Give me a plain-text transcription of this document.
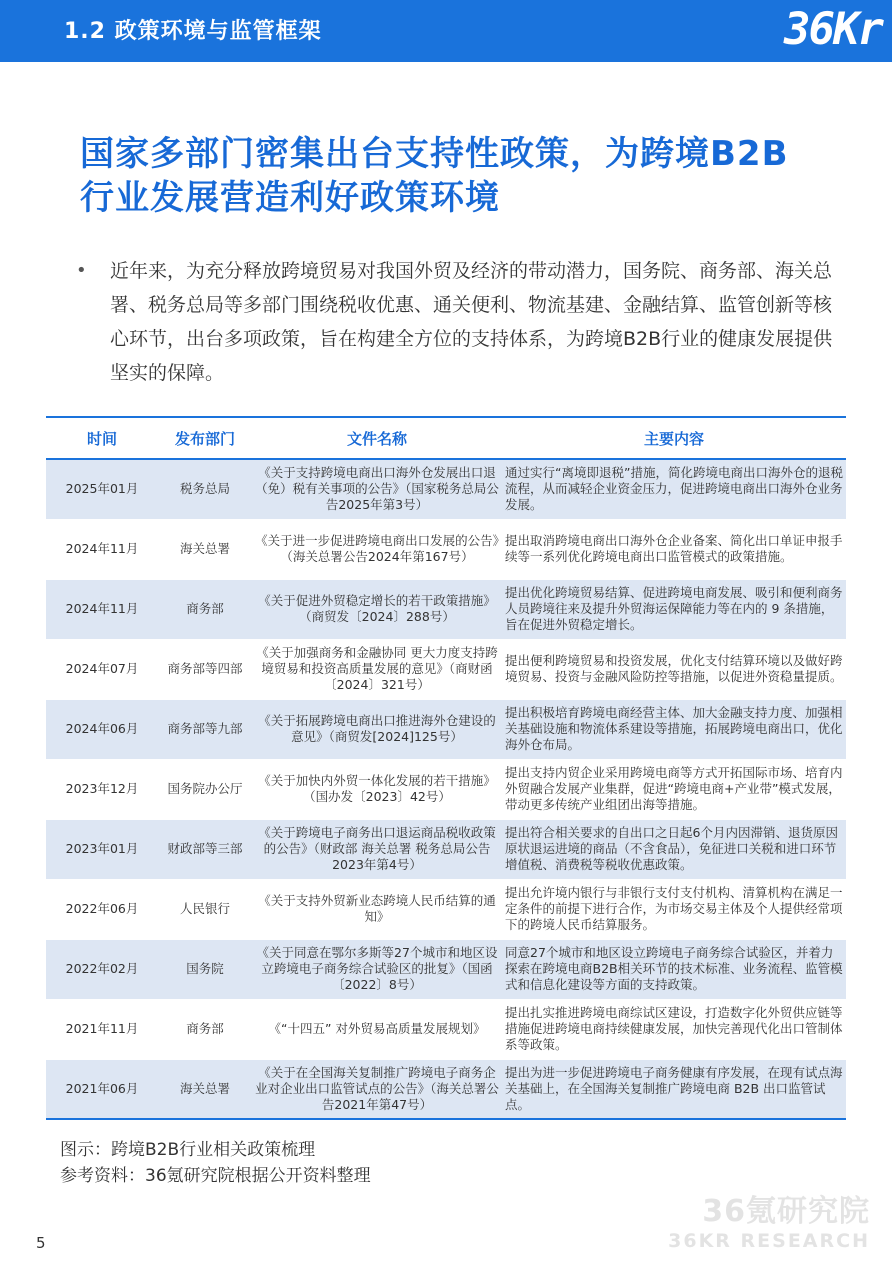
1.2 政策环境与监管框架	36Kr
国家多部门密集出台支持性政策，为跨境B2B
行业发展营造利好政策环境
• 近年来，为充分释放跨境贸易对我国外贸及经济的带动潜力，国务院、商务部、海关总署、税务总局等多部门围绕税收优惠、通关便利、物流基建、金融结算、监管创新等核心环节，出台多项政策，旨在构建全方位的支持体系，为跨境B2B行业的健康发展提供坚实的保障。
时间	发布部门	文件名称	主要内容
2025年01月	税务总局	《关于支持跨境电商出口海外仓发展出口退（免）税有关事项的公告》（国家税务总局公告2025年第3号）	通过实行“离境即退税”措施，简化跨境电商出口海外仓的退税流程，从而减轻企业资金压力，促进跨境电商出口海外仓业务发展。
2024年11月	海关总署	《关于进一步促进跨境电商出口发展的公告》（海关总署公告2024年第167号）	提出取消跨境电商出口海外仓企业备案、简化出口单证申报手续等一系列优化跨境电商出口监管模式的政策措施。
2024年11月	商务部	《关于促进外贸稳定增长的若干政策措施》（商贸发〔2024〕288号）	提出优化跨境贸易结算、促进跨境电商发展、吸引和便利商务人员跨境往来及提升外贸海运保障能力等在内的 9 条措施，旨在促进外贸稳定增长。
2024年07月	商务部等四部	《关于加强商务和金融协同 更大力度支持跨境贸易和投资高质量发展的意见》（商财函〔2024〕321号）	提出便利跨境贸易和投资发展，优化支付结算环境以及做好跨境贸易、投资与金融风险防控等措施，以促进外资稳量提质。
2024年06月	商务部等九部	《关于拓展跨境电商出口推进海外仓建设的意见》（商贸发[2024]125号）	提出积极培育跨境电商经营主体、加大金融支持力度、加强相关基础设施和物流体系建设等措施，拓展跨境电商出口，优化海外仓布局。
2023年12月	国务院办公厅	《关于加快内外贸一体化发展的若干措施》（国办发〔2023〕42号）	提出支持内贸企业采用跨境电商等方式开拓国际市场、培育内外贸融合发展产业集群，促进“跨境电商+产业带”模式发展，带动更多传统产业组团出海等措施。
2023年01月	财政部等三部	《关于跨境电子商务出口退运商品税收政策的公告》（财政部 海关总署 税务总局公告2023年第4号）	提出符合相关要求的自出口之日起6个月内因滞销、退货原因原状退运进境的商品（不含食品），免征进口关税和进口环节增值税、消费税等税收优惠政策。
2022年06月	人民银行	《关于支持外贸新业态跨境人民币结算的通知》	提出允许境内银行与非银行支付支付机构、清算机构在满足一定条件的前提下进行合作，为市场交易主体及个人提供经常项下的跨境人民币结算服务。
2022年02月	国务院	《关于同意在鄂尔多斯等27个城市和地区设立跨境电子商务综合试验区的批复》（国函〔2022〕8号）	同意27个城市和地区设立跨境电子商务综合试验区，并着力探索在跨境电商B2B相关环节的技术标准、业务流程、监管模式和信息化建设等方面的支持政策。
2021年11月	商务部	《“十四五” 对外贸易高质量发展规划》	提出扎实推进跨境电商综试区建设，打造数字化外贸供应链等措施促进跨境电商持续健康发展，加快完善现代化出口管制体系等政策。
2021年06月	海关总署	《关于在全国海关复制推广跨境电子商务企业对企业出口监管试点的公告》（海关总署公告2021年第47号）	提出为进一步促进跨境电子商务健康有序发展，在现有试点海关基础上，在全国海关复制推广跨境电商 B2B 出口监管试点。
图示：跨境B2B行业相关政策梳理
参考资料：36氪研究院根据公开资料整理
5
36氪研究院
36KR RESEARCH
